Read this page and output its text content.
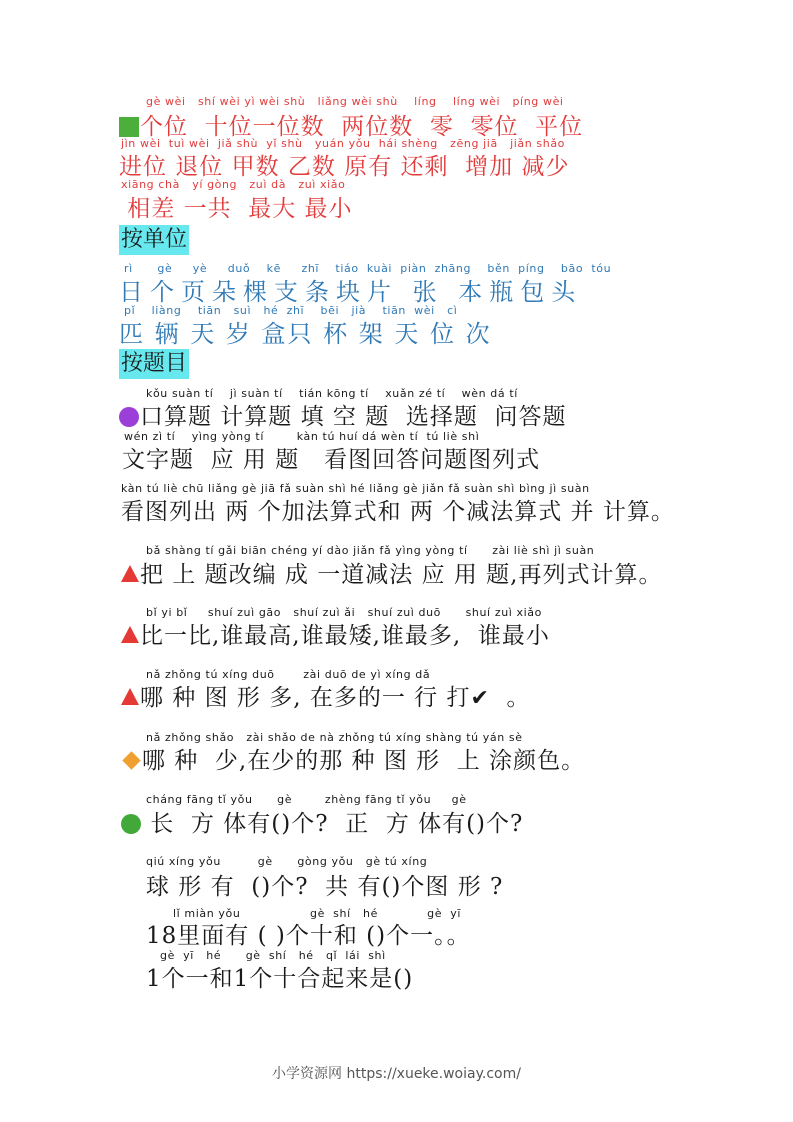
gè wèi   shí wèi yì wèi shù   liǎng wèi shù    líng    líng wèi   píng wèi
个位  十位一位数  两位数  零  零位  平位
jìn wèi  tuì wèi  jiǎ shù  yǐ shù   yuán yǒu  hái shèng   zēng jiā   jiǎn shǎo
进位 退位 甲数 乙数 原有 还剩  增加 减少
xiāng chà   yí gòng   zuì dà   zuì xiǎo
相差 一共  最大 最小
按单位
rì      gè     yè     duǒ    kē     zhī    tiáo  kuài  piàn  zhāng    běn  píng    bāo  tóu
日个页朵棵支条块片 张 本瓶包头
pǐ    liàng    tiān   suì   hé  zhī    bēi   jià    tiān  wèi   cì
匹 辆 天 岁 盒只 杯 架 天 位 次
按题目
kǒu suàn tí    jì suàn tí    tián kōng tí    xuǎn zé tí    wèn dá tí
口算题 计算题 填 空 题  选择题  问答题
wén zì tí    yìng yòng tí        kàn tú huí dá wèn tí  tú liè shì
文字题  应 用 题   看图回答问题图列式
kàn tú liè chū liǎng gè jiā fǎ suàn shì hé liǎng gè jiǎn fǎ suàn shì bìng jì suàn
看图列出 两 个加法算式和 两 个减法算式 并 计算。
bǎ shàng tí gǎi biān chéng yí dào jiǎn fǎ yìng yòng tí      zài liè shì jì suàn
把 上 题改编 成 一道减法 应 用 题,再列式计算。
bǐ yi bǐ     shuí zuì gāo   shuí zuì ǎi   shuí zuì duō      shuí zuì xiǎo
比一比,谁最高,谁最矮,谁最多,  谁最小
nǎ zhǒng tú xíng duō       zài duō de yì xíng dǎ
哪 种 图 形 多, 在多的一 行 打✔  。
nǎ zhǒng shǎo   zài shǎo de nà zhǒng tú xíng shàng tú yán sè
哪 种  少,在少的那 种 图 形  上 涂颜色。
cháng fāng tǐ yǒu      gè        zhèng fāng tǐ yǒu     gè
长  方 体有()个?  正  方 体有()个?
qiú xíng yǒu         gè      gòng yǒu   gè tú xíng
球 形 有  ()个?  共 有()个图 形 ?
lǐ miàn yǒu                 gè  shí   hé            gè  yī
18里面有 ( )个十和 ()个一。。
gè  yī   hé      gè  shí   hé   qǐ  lái  shì
1个一和1个十合起来是()
小学资源网 https://xueke.woiay.com/
